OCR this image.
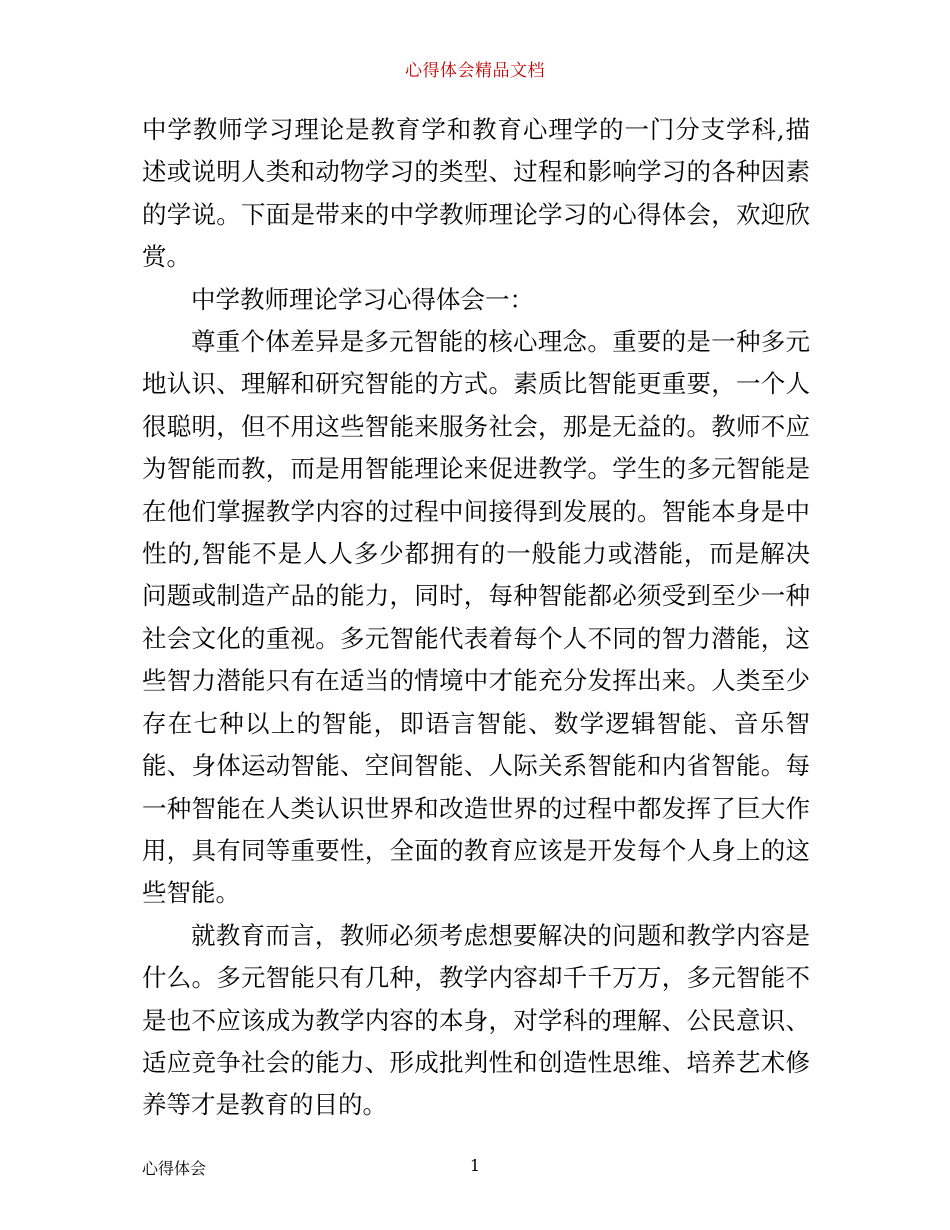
心得体会精品文档

中学教师学习理论是教育学和教育心理学的一门分支学科,描述或说明人类和动物学习的类型、过程和影响学习的各种因素的学说。下面是带来的中学教师理论学习的心得体会，欢迎欣赏。

中学教师理论学习心得体会一：

尊重个体差异是多元智能的核心理念。重要的是一种多元地认识、理解和研究智能的方式。素质比智能更重要，一个人很聪明，但不用这些智能来服务社会，那是无益的。教师不应为智能而教，而是用智能理论来促进教学。学生的多元智能是在他们掌握教学内容的过程中间接得到发展的。智能本身是中性的,智能不是人人多少都拥有的一般能力或潜能，而是解决问题或制造产品的能力，同时，每种智能都必须受到至少一种社会文化的重视。多元智能代表着每个人不同的智力潜能，这些智力潜能只有在适当的情境中才能充分发挥出来。人类至少存在七种以上的智能，即语言智能、数学逻辑智能、音乐智能、身体运动智能、空间智能、人际关系智能和内省智能。每一种智能在人类认识世界和改造世界的过程中都发挥了巨大作用，具有同等重要性，全面的教育应该是开发每个人身上的这些智能。

就教育而言，教师必须考虑想要解决的问题和教学内容是什么。多元智能只有几种，教学内容却千千万万，多元智能不是也不应该成为教学内容的本身，对学科的理解、公民意识、适应竞争社会的能力、形成批判性和创造性思维、培养艺术修养等才是教育的目的。

心得体会	1
